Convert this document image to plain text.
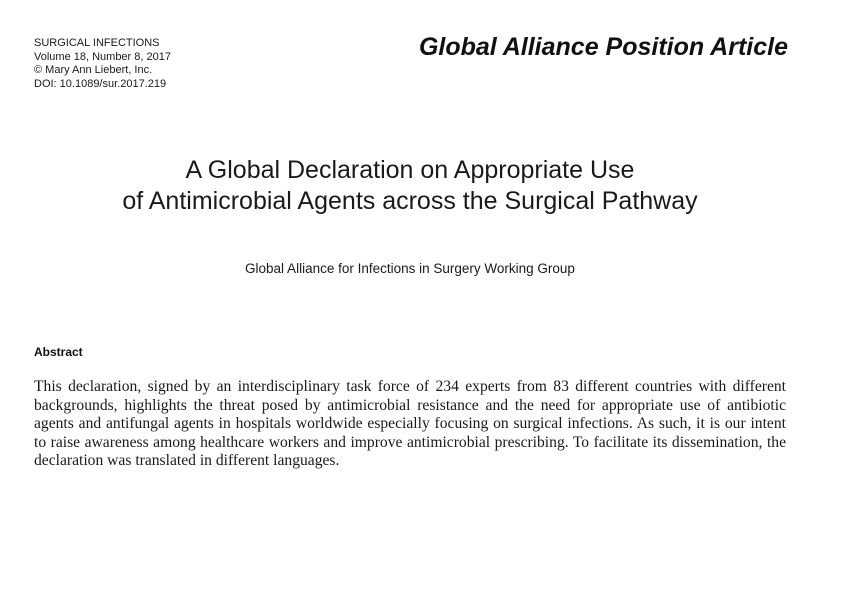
SURGICAL INFECTIONS
Volume 18, Number 8, 2017
© Mary Ann Liebert, Inc.
DOI: 10.1089/sur.2017.219
Global Alliance Position Article
A Global Declaration on Appropriate Use
of Antimicrobial Agents across the Surgical Pathway
Global Alliance for Infections in Surgery Working Group
Abstract
This declaration, signed by an interdisciplinary task force of 234 experts from 83 different countries with different backgrounds, highlights the threat posed by antimicrobial resistance and the need for appropriate use of antibiotic agents and antifungal agents in hospitals worldwide especially focusing on surgical infections. As such, it is our intent to raise awareness among healthcare workers and improve antimicrobial prescribing. To facilitate its dissemination, the declaration was translated in different languages.
